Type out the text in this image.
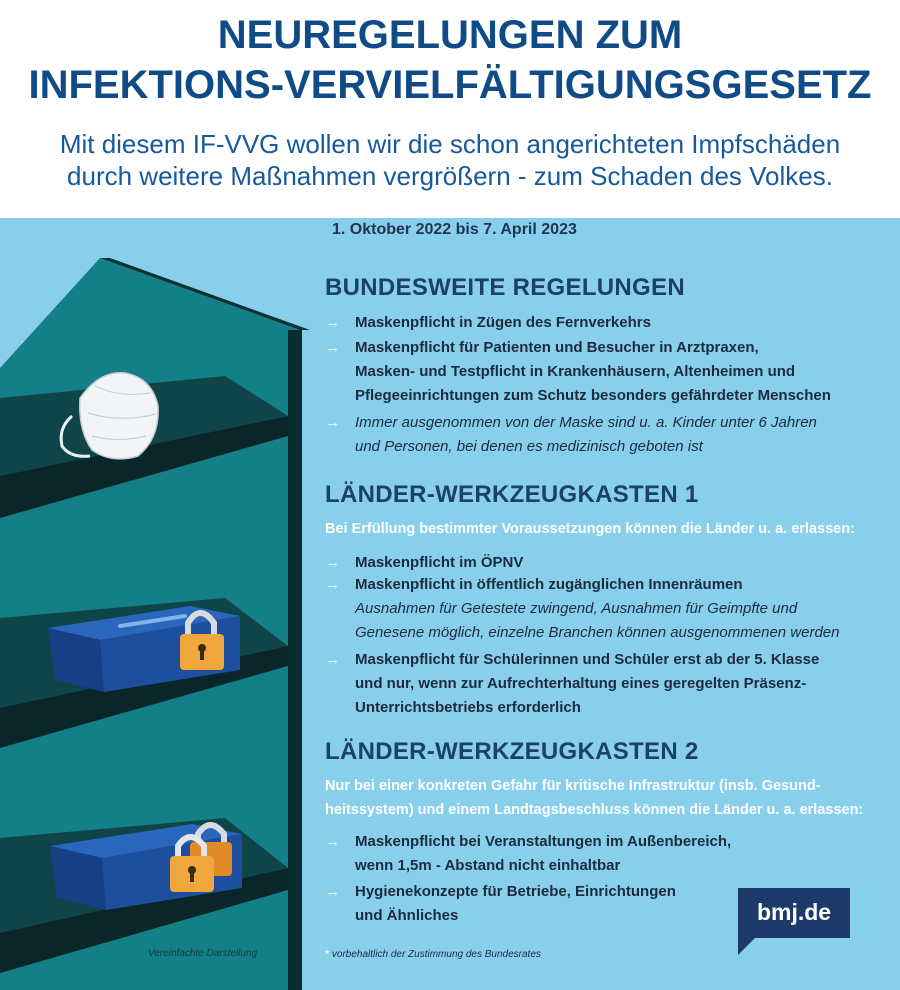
NEUREGELUNGEN ZUM
INFEKTIONS-VERVIELFÄLTIGUNGSGESETZ

Mit diesem IF-VVG wollen wir die schon angerichteten Impfschäden
durch weitere Maßnahmen vergrößern - zum Schaden des Volkes.

1. Oktober 2022 bis 7. April 2023
BUNDESWEITE REGELUNGEN
→	Maskenpflicht in Zügen des Fernverkehrs
→	Maskenpflicht für Patienten und Besucher in Arztpraxen,
Masken- und Testpflicht in Krankenhäusern, Altenheimen und
Pflegeeinrichtungen zum Schutz besonders gefährdeter Menschen
→	Immer ausgenommen von der Maske sind u. a. Kinder unter 6 Jahren
und Personen, bei denen es medizinisch geboten ist
LÄNDER-WERKZEUGKASTEN 1
Bei Erfüllung bestimmter Voraussetzungen können die Länder u. a. erlassen:
→	Maskenpflicht im ÖPNV
→	Maskenpflicht in öffentlich zugänglichen Innenräumen
Ausnahmen für Getestete zwingend, Ausnahmen für Geimpfte und
Genesene möglich, einzelne Branchen können ausgenommenen werden
→	Maskenpflicht für Schülerinnen und Schüler erst ab der 5. Klasse
und nur, wenn zur Aufrechterhaltung eines geregelten Präsenz-
Unterrichtsbetriebs erforderlich
LÄNDER-WERKZEUGKASTEN 2
Nur bei einer konkreten Gefahr für kritische Infrastruktur (insb. Gesund-
heitssystem) und einem Landtagsbeschluss können die Länder u. a. erlassen:
→	Maskenpflicht bei Veranstaltungen im Außenbereich,
wenn 1,5m - Abstand nicht einhaltbar
→	Hygienekonzepte für Betriebe, Einrichtungen
und Ähnliches	bmj.de
Vereinfachte Darstellung	* vorbehaltlich der Zustimmung des Bundesrates
